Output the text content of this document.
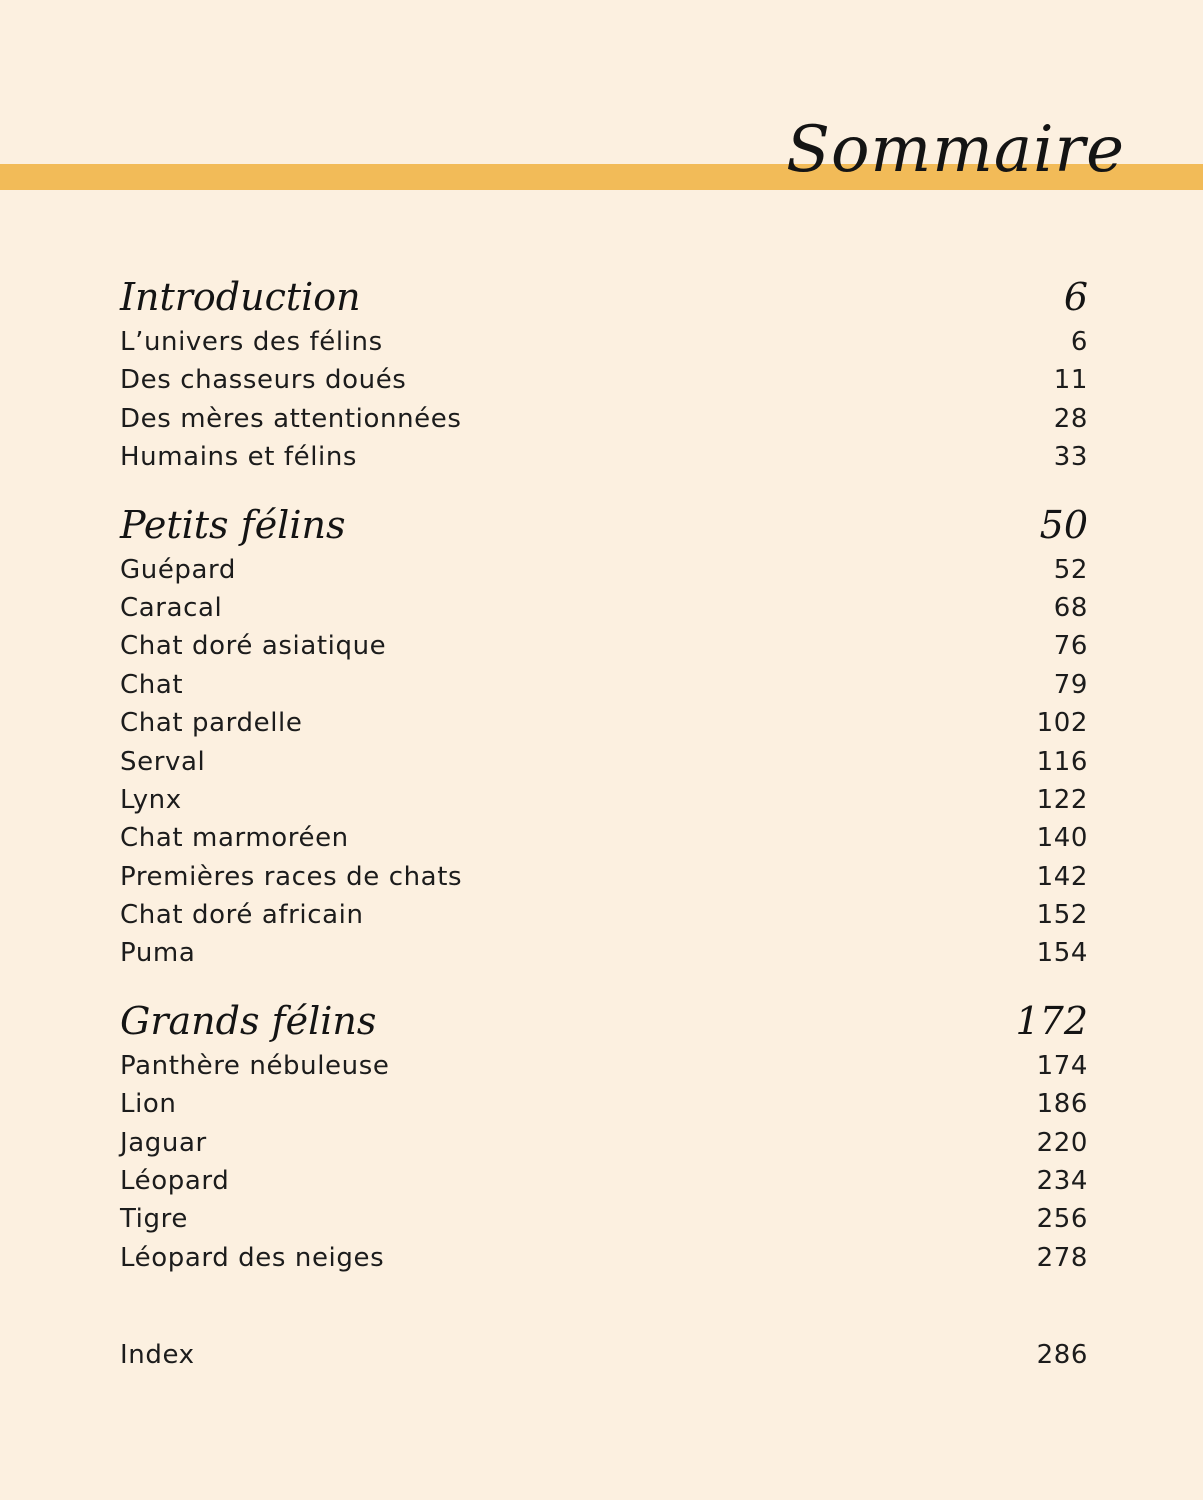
Sommaire
Introduction	6
L’univers des félins	6
Des chasseurs doués	11
Des mères attentionnées	28
Humains et félins	33
Petits félins	50
Guépard	52
Caracal	68
Chat doré asiatique	76
Chat	79
Chat pardelle	102
Serval	116
Lynx	122
Chat marmoréen	140
Premières races de chats	142
Chat doré africain	152
Puma	154
Grands félins	172
Panthère nébuleuse	174
Lion	186
Jaguar	220
Léopard	234
Tigre	256
Léopard des neiges	278
Index	286
